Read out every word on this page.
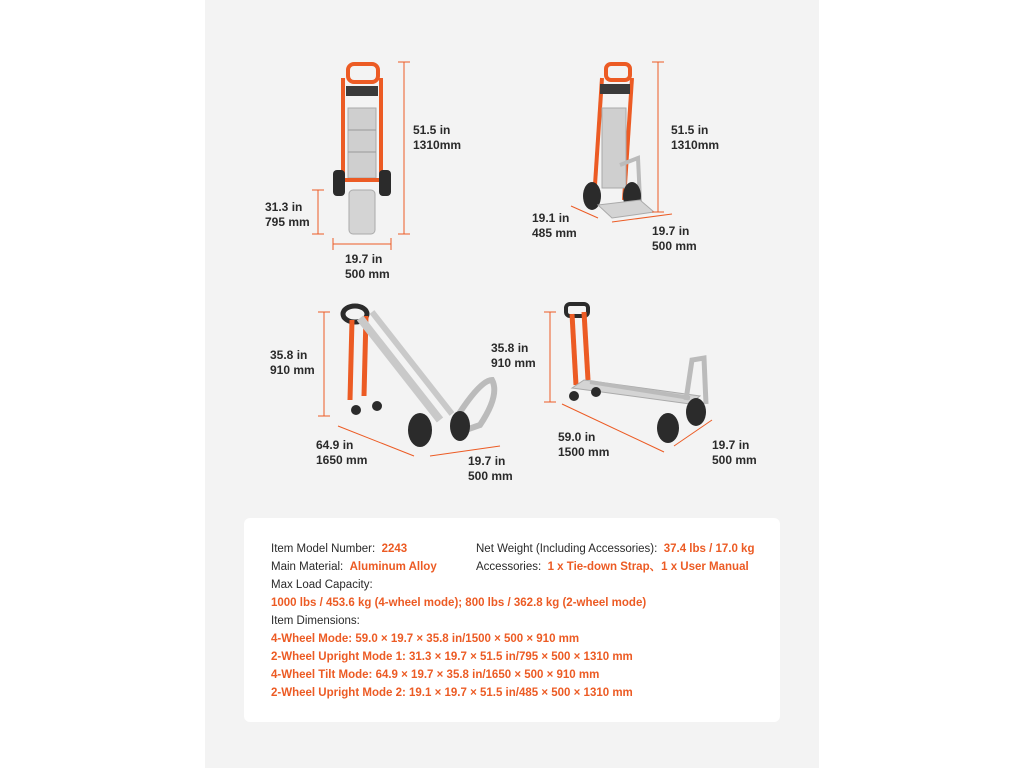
51.5 in
1310mm
31.3 in
795 mm
19.7 in
500 mm
51.5 in
1310mm
19.1 in
485 mm	19.7 in
500 mm
35.8 in
910 mm
64.9 in
1650 mm	19.7 in
500 mm
35.8 in
910 mm
59.0 in
1500 mm	19.7 in
500 mm
Item Model Number: 2243	Net Weight (Including Accessories): 37.4 lbs / 17.0 kg
Main Material: Aluminum Alloy	Accessories: 1 x Tie-down Strap、1 x User Manual
Max Load Capacity:
1000 lbs / 453.6 kg (4-wheel mode); 800 lbs / 362.8 kg (2-wheel mode)
Item Dimensions:
4-Wheel Mode: 59.0 × 19.7 × 35.8 in/1500 × 500 × 910 mm
2-Wheel Upright Mode 1: 31.3 × 19.7 × 51.5 in/795 × 500 × 1310 mm
4-Wheel Tilt Mode: 64.9 × 19.7 × 35.8 in/1650 × 500 × 910 mm
2-Wheel Upright Mode 2: 19.1 × 19.7 × 51.5 in/485 × 500 × 1310 mm
